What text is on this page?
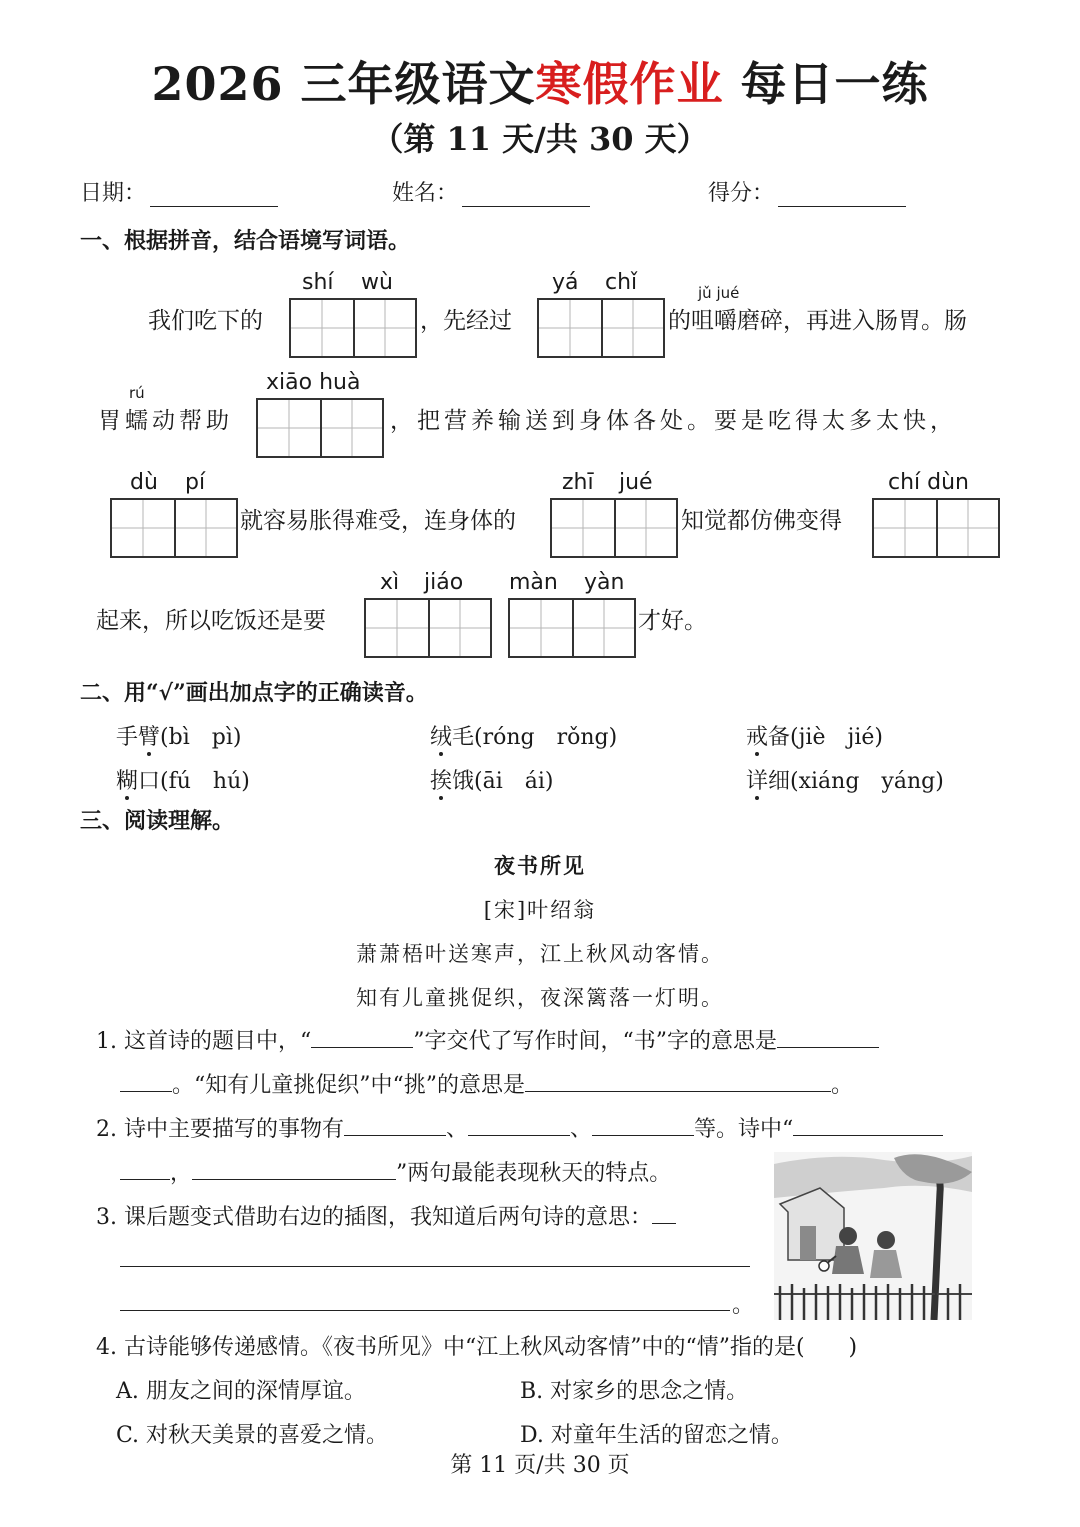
2026 三年级语文寒假作业 每日一练
（第 11 天/共 30 天）
日期：	姓名：	得分：
一、根据拼音，结合语境写词语。
shí wù
我们吃下的	，先经过
yá chǐ	jǔ jué
的咀嚼磨碎，再进入肠胃。肠
rú
胃蠕动帮助
xiāo huà
，把营养输送到身体各处。要是吃得太多太快，
dù pí
就容易胀得难受，连身体的
zhī jué
知觉都仿佛变得
chí dùn
xì jiáo
起来，所以吃饭还是要
màn yàn
才好。
二、用“√”画出加点字的正确读音。
手臂(bì　pì)	绒毛(róng　rǒng)	戒备(jiè　jié)
糊口(fú　hú)	挨饿(āi　ái)	详细(xiáng　yáng)
三、阅读理解。
夜书所见
[宋]叶绍翁
萧萧梧叶送寒声，江上秋风动客情。
知有儿童挑促织，夜深篱落一灯明。
1. 这首诗的题目中，“	”字交代了写作时间，“书”字的意思是
。“知有儿童挑促织”中“挑”的意思是	。
2. 诗中主要描写的事物有	、	、	等。诗中“
，	”两句最能表现秋天的特点。
3. 课后题变式借助右边的插图，我知道后两句诗的意思：
。
4. 古诗能够传递感情。《夜书所见》中“江上秋风动客情”中的“情”指的是(　　)
A. 朋友之间的深情厚谊。	B. 对家乡的思念之情。
C. 对秋天美景的喜爱之情。	D. 对童年生活的留恋之情。
第 11 页/共 30 页
